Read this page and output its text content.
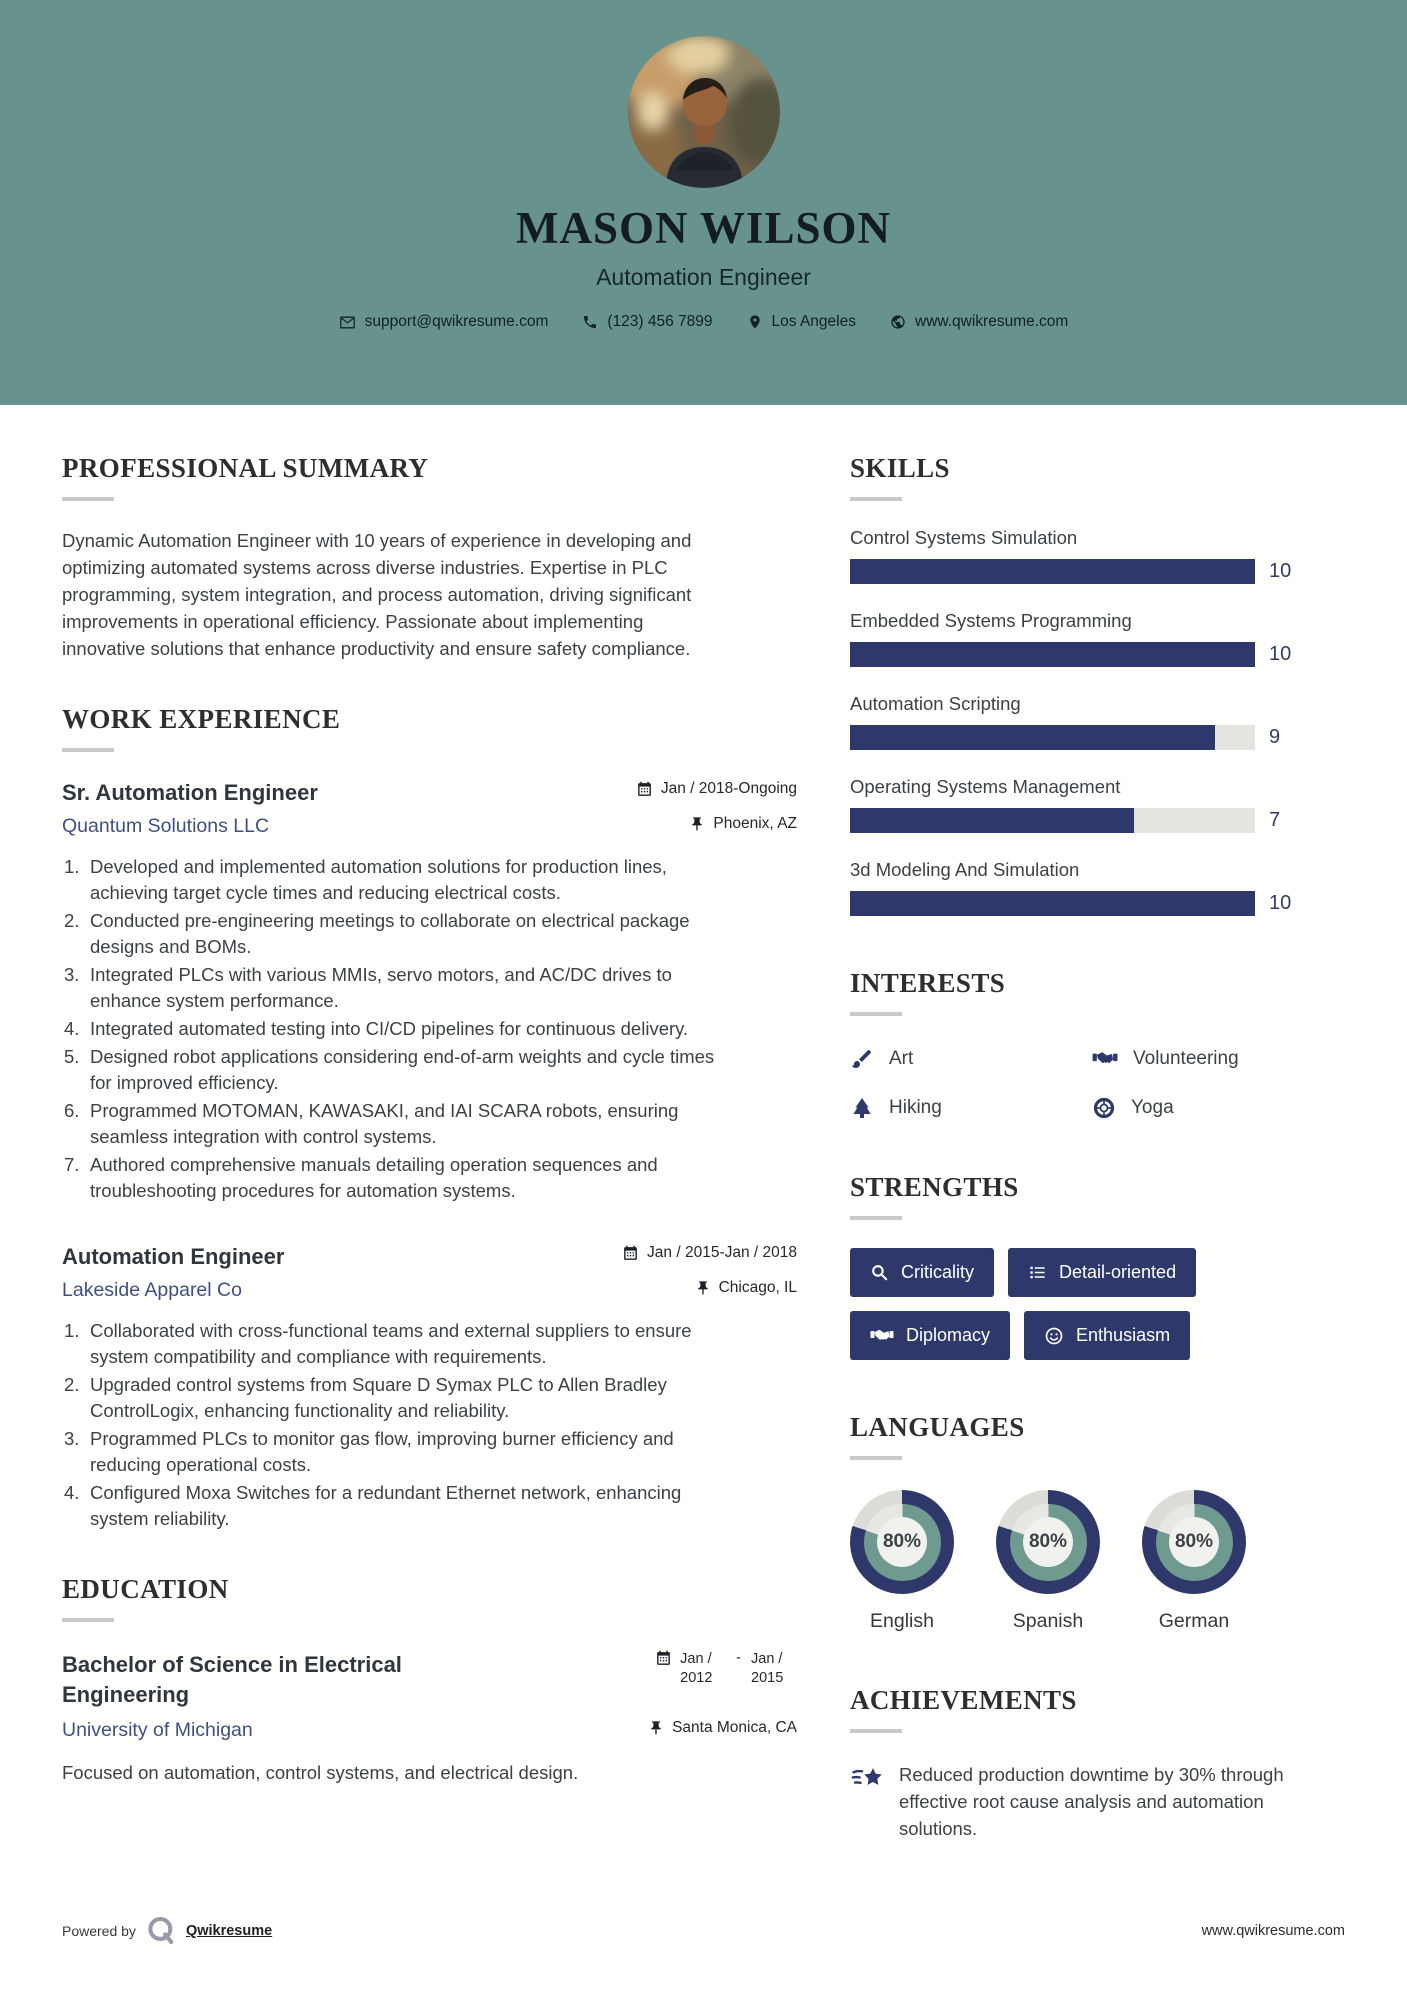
MASON WILSON
Automation Engineer
support@qwikresume.com	(123) 456 7899	Los Angeles	www.qwikresume.com
PROFESSIONAL SUMMARY

Dynamic Automation Engineer with 10 years of experience in developing and optimizing automated systems across diverse industries. Expertise in PLC programming, system integration, and process automation, driving significant improvements in operational efficiency. Passionate about implementing innovative solutions that enhance productivity and ensure safety compliance.

WORK EXPERIENCE
Sr. Automation Engineer	Jan / 2018-Ongoing
Quantum Solutions LLC	Phoenix, AZ
Developed and implemented automation solutions for production lines, achieving target cycle times and reducing electrical costs.
Conducted pre-engineering meetings to collaborate on electrical package designs and BOMs.
Integrated PLCs with various MMIs, servo motors, and AC/DC drives to enhance system performance.
Integrated automated testing into CI/CD pipelines for continuous delivery.
Designed robot applications considering end-of-arm weights and cycle times for improved efficiency.
Programmed MOTOMAN, KAWASAKI, and IAI SCARA robots, ensuring seamless integration with control systems.
Authored comprehensive manuals detailing operation sequences and troubleshooting procedures for automation systems.
Automation Engineer	Jan / 2015-Jan / 2018
Lakeside Apparel Co	Chicago, IL
Collaborated with cross-functional teams and external suppliers to ensure system compatibility and compliance with requirements.
Upgraded control systems from Square D Symax PLC to Allen Bradley ControlLogix, enhancing functionality and reliability.
Programmed PLCs to monitor gas flow, improving burner efficiency and reducing operational costs.
Configured Moxa Switches for a redundant Ethernet network, enhancing system reliability.
EDUCATION
Bachelor of Science in Electrical Engineering
Jan / 2012
- Jan / 2015
University of Michigan	Santa Monica, CA

Focused on automation, control systems, and electrical design.

SKILLS
Control Systems Simulation
10
Embedded Systems Programming
10
Automation Scripting
9
Operating Systems Management
7
3d Modeling And Simulation
10
INTERESTS
Art	Volunteering
Hiking	Yoga
STRENGTHS
Criticality	Detail-oriented
Diplomacy	Enthusiasm
LANGUAGES
80%
English
80%
Spanish
80%
German
ACHIEVEMENTS

Reduced production downtime by 30% through effective root cause analysis and automation solutions.

Powered by	Qwikresume	www.qwikresume.com
